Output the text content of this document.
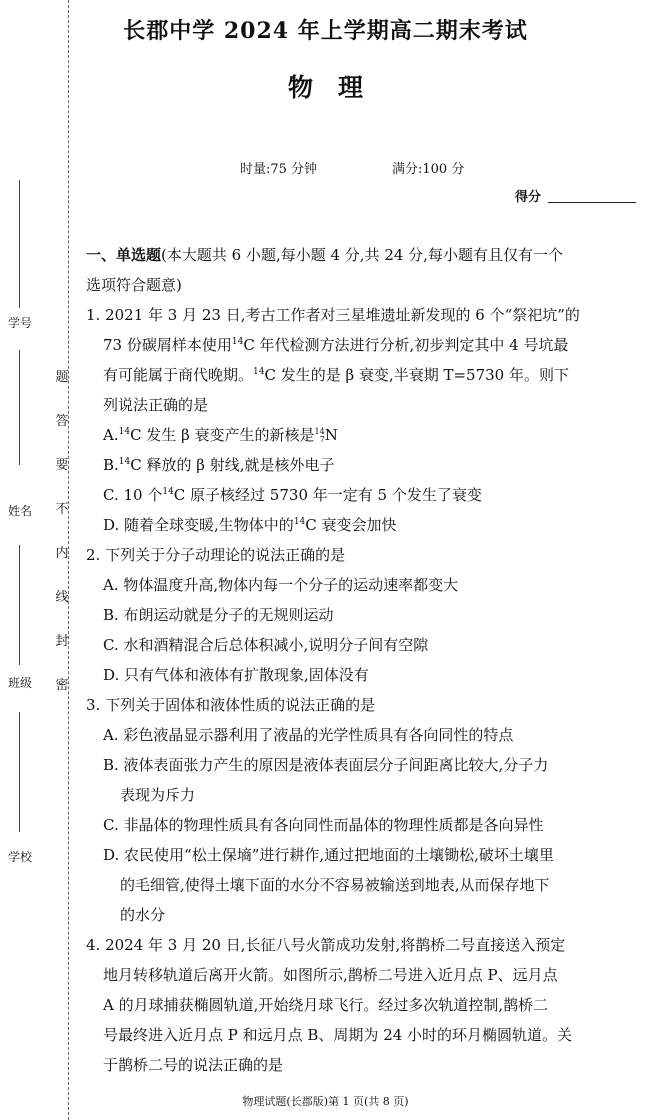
学号
姓名
班级
学校
密
封
线
内
不
要
答
题
长郡中学 2024 年上学期高二期末考试
物　理
时量:75 分钟	满分:100 分
得分
一、单选题(本大题共 6 小题,每小题 4 分,共 24 分,每小题有且仅有一个
选项符合题意)
1. 2021 年 3 月 23 日,考古工作者对三星堆遗址新发现的 6 个“祭祀坑”的
73 份碳屑样本使用$^{14}$C 年代检测方法进行分析,初步判定其中 4 号坑最
有可能属于商代晚期。$^{14}$C 发生的是 β 衰变,半衰期 T=5730 年。则下
列说法正确的是
A.$^{14}$C 发生 β 衰变产生的新核是 14
7 N
B.$^{14}$C 释放的 β 射线,就是核外电子
C. 10 个$^{14}$C 原子核经过 5730 年一定有 5 个发生了衰变
D. 随着全球变暖,生物体中的$^{14}$C 衰变会加快
2. 下列关于分子动理论的说法正确的是
A. 物体温度升高,物体内每一个分子的运动速率都变大
B. 布朗运动就是分子的无规则运动
C. 水和酒精混合后总体积减小,说明分子间有空隙
D. 只有气体和液体有扩散现象,固体没有
3. 下列关于固体和液体性质的说法正确的是
A. 彩色液晶显示器利用了液晶的光学性质具有各向同性的特点
B. 液体表面张力产生的原因是液体表面层分子间距离比较大,分子力
表现为斥力
C. 非晶体的物理性质具有各向同性而晶体的物理性质都是各向异性
D. 农民使用“松土保墒”进行耕作,通过把地面的土壤锄松,破坏土壤里
的毛细管,使得土壤下面的水分不容易被输送到地表,从而保存地下
的水分
4. 2024 年 3 月 20 日,长征八号火箭成功发射,将鹊桥二号直接送入预定
地月转移轨道后离开火箭。如图所示,鹊桥二号进入近月点 P、远月点
A 的月球捕获椭圆轨道,开始绕月球飞行。经过多次轨道控制,鹊桥二
号最终进入近月点 P 和远月点 B、周期为 24 小时的环月椭圆轨道。关
于鹊桥二号的说法正确的是
物理试题(长郡版)第 1 页(共 8 页)
